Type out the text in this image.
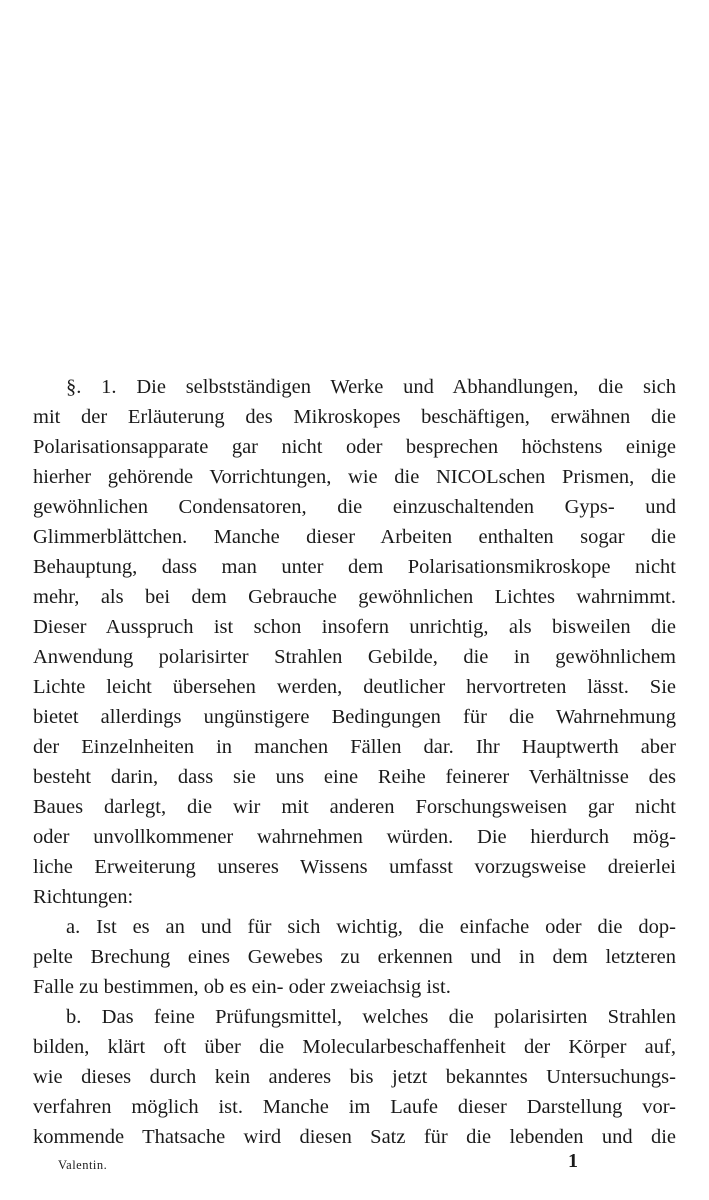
§. 1. Die selbstständigen Werke und Abhandlungen, die sich
mit der Erläuterung des Mikroskopes beschäftigen, erwähnen die
Polarisationsapparate gar nicht oder besprechen höchstens einige
hierher gehörende Vorrichtungen, wie die NICOLschen Prismen, die
gewöhnlichen Condensatoren, die einzuschaltenden Gyps- und
Glimmerblättchen. Manche dieser Arbeiten enthalten sogar die
Behauptung, dass man unter dem Polarisationsmikroskope nicht
mehr, als bei dem Gebrauche gewöhnlichen Lichtes wahrnimmt.
Dieser Ausspruch ist schon insofern unrichtig, als bisweilen die
Anwendung polarisirter Strahlen Gebilde, die in gewöhnlichem
Lichte leicht übersehen werden, deutlicher hervortreten lässt. Sie
bietet allerdings ungünstigere Bedingungen für die Wahrnehmung
der Einzelnheiten in manchen Fällen dar. Ihr Hauptwerth aber
besteht darin, dass sie uns eine Reihe feinerer Verhältnisse des
Baues darlegt, die wir mit anderen Forschungsweisen gar nicht
oder unvollkommener wahrnehmen würden. Die hierdurch mög-
liche Erweiterung unseres Wissens umfasst vorzugsweise dreierlei
Richtungen:
a. Ist es an und für sich wichtig, die einfache oder die dop-
pelte Brechung eines Gewebes zu erkennen und in dem letzteren
Falle zu bestimmen, ob es ein- oder zweiachsig ist.
b. Das feine Prüfungsmittel, welches die polarisirten Strahlen
bilden, klärt oft über die Molecularbeschaffenheit der Körper auf,
wie dieses durch kein anderes bis jetzt bekanntes Untersuchungs-
verfahren möglich ist. Manche im Laufe dieser Darstellung vor-
kommende Thatsache wird diesen Satz für die lebenden und die
Valentin.	1
